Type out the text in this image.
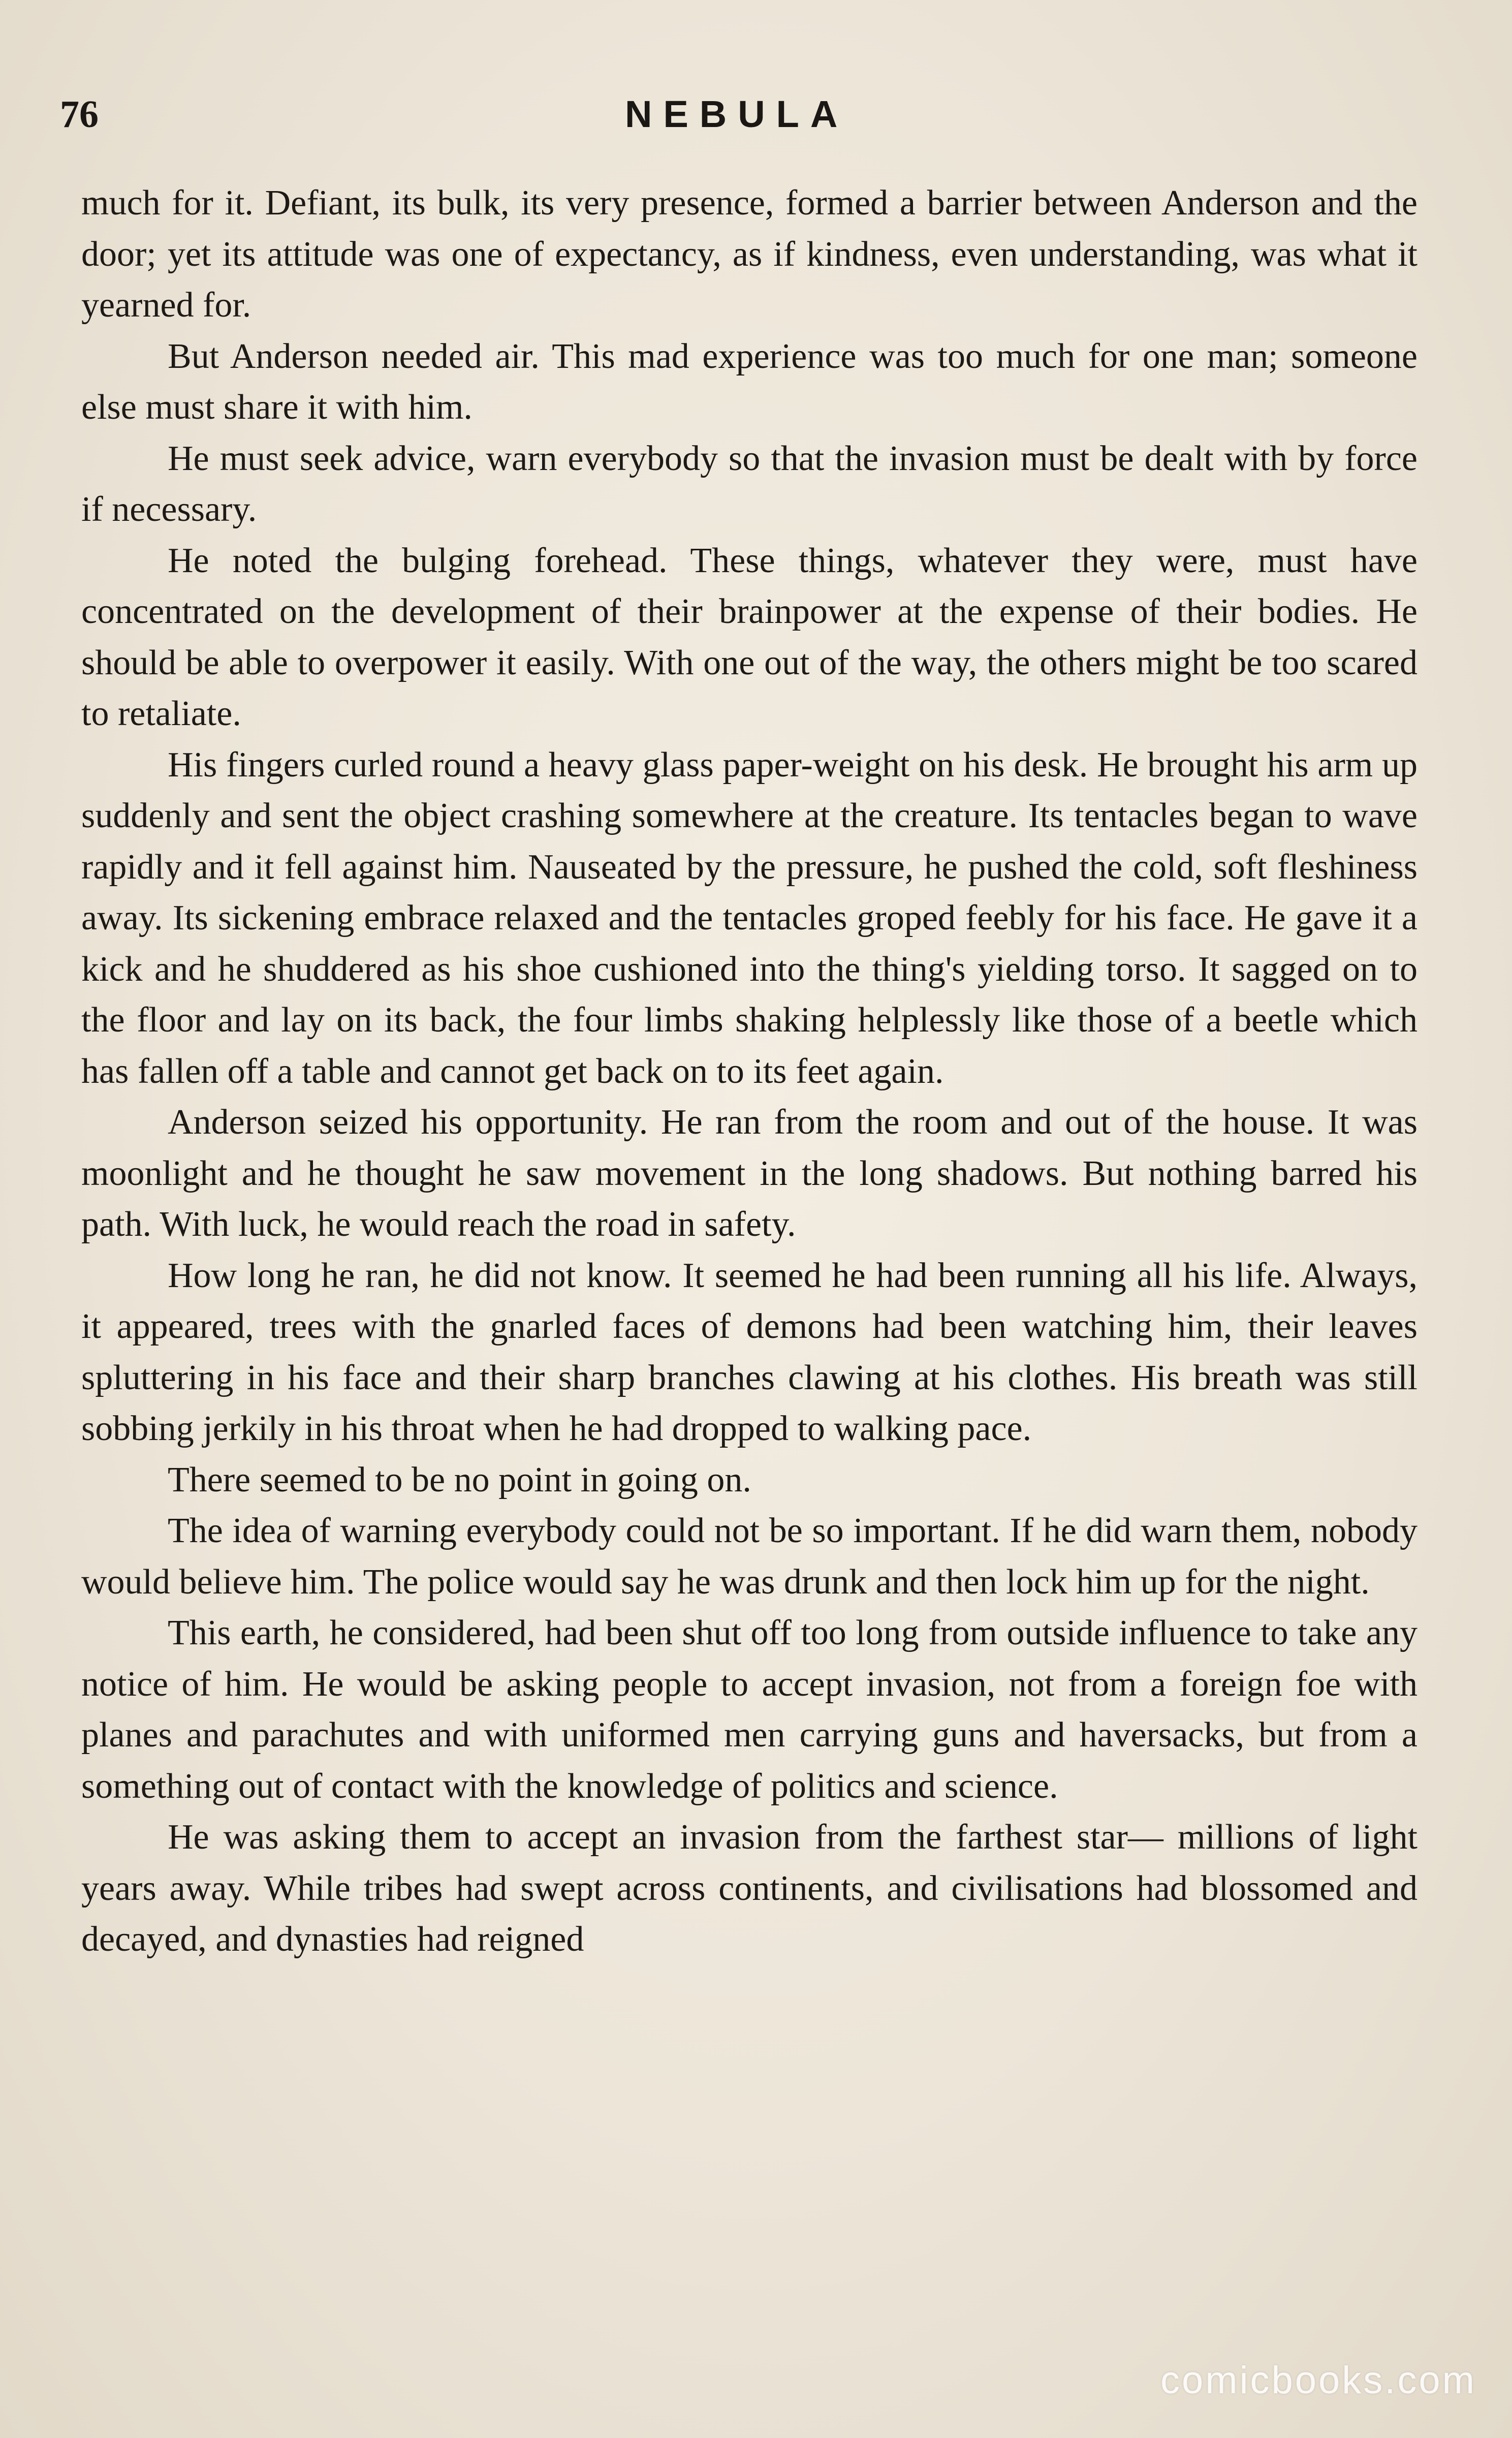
76	NEBULA

much for it. Defiant, its bulk, its very presence, formed a barrier between Anderson and the door; yet its attitude was one of expectancy, as if kindness, even understanding, was what it yearned for.

But Anderson needed air. This mad experience was too much for one man; someone else must share it with him.

He must seek advice, warn everybody so that the invasion must be dealt with by force if necessary.

He noted the bulging forehead. These things, whatever they were, must have concentrated on the development of their brainpower at the expense of their bodies. He should be able to overpower it easily. With one out of the way, the others might be too scared to retaliate.

His fingers curled round a heavy glass paper-weight on his desk. He brought his arm up suddenly and sent the object crashing somewhere at the creature. Its tentacles began to wave rapidly and it fell against him. Nauseated by the pressure, he pushed the cold, soft fleshiness away. Its sickening embrace relaxed and the tentacles groped feebly for his face. He gave it a kick and he shuddered as his shoe cushioned into the thing's yielding torso. It sagged on to the floor and lay on its back, the four limbs shaking helplessly like those of a beetle which has fallen off a table and cannot get back on to its feet again.

Anderson seized his opportunity. He ran from the room and out of the house. It was moonlight and he thought he saw movement in the long shadows. But nothing barred his path. With luck, he would reach the road in safety.

How long he ran, he did not know. It seemed he had been running all his life. Always, it appeared, trees with the gnarled faces of demons had been watching him, their leaves spluttering in his face and their sharp branches clawing at his clothes. His breath was still sobbing jerkily in his throat when he had dropped to walking pace.

There seemed to be no point in going on.

The idea of warning everybody could not be so important. If he did warn them, nobody would believe him. The police would say he was drunk and then lock him up for the night.

This earth, he considered, had been shut off too long from outside influence to take any notice of him. He would be asking people to accept invasion, not from a foreign foe with planes and parachutes and with uniformed men carrying guns and haversacks, but from a something out of contact with the knowledge of politics and science.

He was asking them to accept an invasion from the farthest star— millions of light years away. While tribes had swept across continents, and civilisations had blossomed and decayed, and dynasties had reigned

comicbooks.com
